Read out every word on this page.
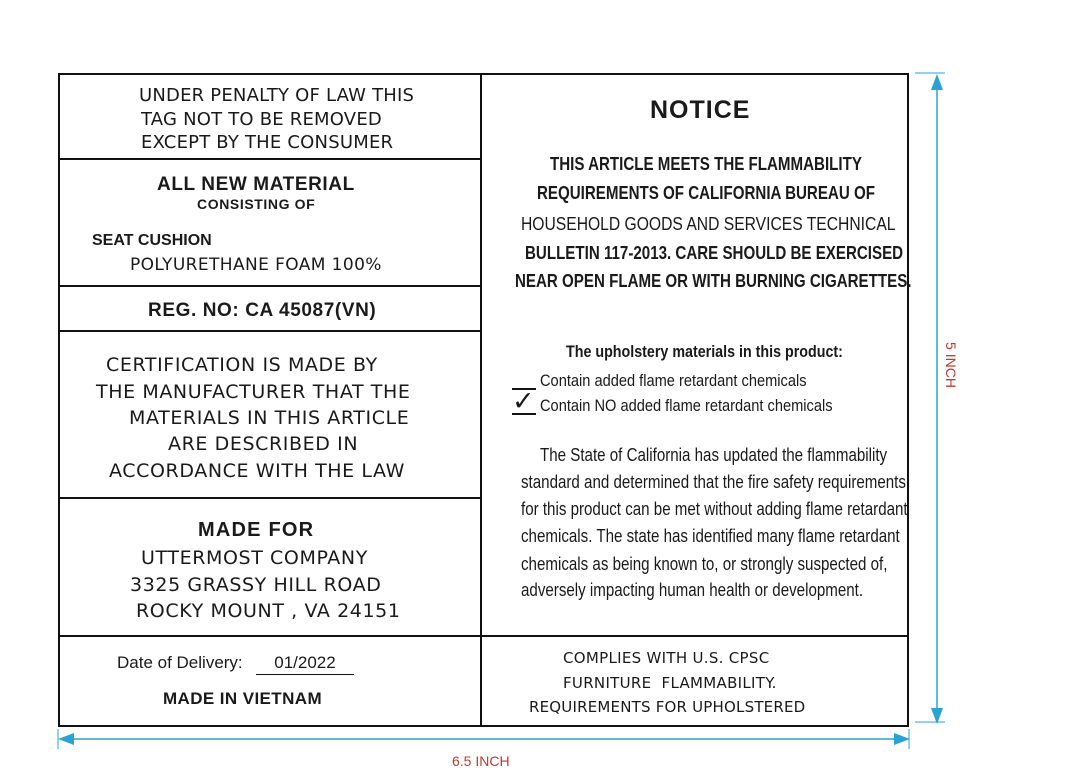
UNDER PENALTY OF LAW THIS
TAG NOT TO BE REMOVED
EXCEPT BY THE CONSUMER
ALL NEW MATERIAL
CONSISTING OF
SEAT CUSHION
POLYURETHANE FOAM 100%
REG. NO: CA 45087(VN)
CERTIFICATION IS MADE BY
THE MANUFACTURER THAT THE
MATERIALS IN THIS ARTICLE
ARE DESCRIBED IN
ACCORDANCE WITH THE LAW
MADE FOR
UTTERMOST COMPANY
3325 GRASSY HILL ROAD
ROCKY MOUNT , VA 24151
Date of Delivery:	01/2022
MADE IN VIETNAM
NOTICE
THIS ARTICLE MEETS THE FLAMMABILITY
REQUIREMENTS OF CALIFORNIA BUREAU OF
HOUSEHOLD GOODS AND SERVICES TECHNICAL
BULLETIN 117-2013. CARE SHOULD BE EXERCISED
NEAR OPEN FLAME OR WITH BURNING CIGARETTES.
The upholstery materials in this product:
Contain added flame retardant chemicals
✓ Contain NO added flame retardant chemicals
The State of California has updated the flammability
standard and determined that the fire safety requirements
for this product can be met without adding flame retardant
chemicals. The state has identified many flame retardant
chemicals as being known to, or strongly suspected of,
adversely impacting human health or development.
COMPLIES WITH U.S. CPSC
FURNITURE  FLAMMABILITY.
REQUIREMENTS FOR UPHOLSTERED
6.5 INCH
5 INCH
